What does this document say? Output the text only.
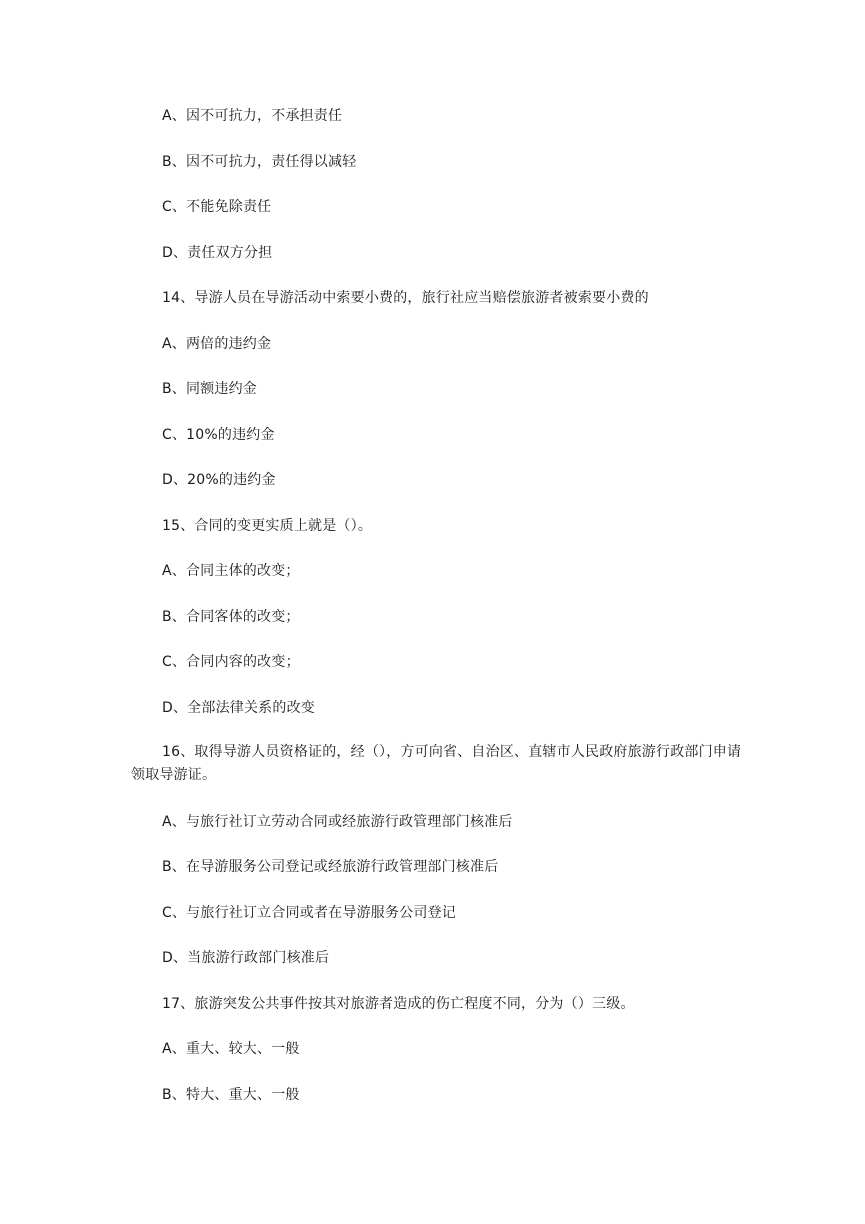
A、因不可抗力，不承担责任
B、因不可抗力，责任得以减轻
C、不能免除责任
D、责任双方分担
14、导游人员在导游活动中索要小费的，旅行社应当赔偿旅游者被索要小费的
A、两倍的违约金
B、同额违约金
C、10%的违约金
D、20%的违约金
15、合同的变更实质上就是（）。
A、合同主体的改变；
B、合同客体的改变；
C、合同内容的改变；
D、全部法律关系的改变
16、取得导游人员资格证的，经（），方可向省、自治区、直辖市人民政府旅游行政部门申请领取导游证。
A、与旅行社订立劳动合同或经旅游行政管理部门核准后
B、在导游服务公司登记或经旅游行政管理部门核准后
C、与旅行社订立合同或者在导游服务公司登记
D、当旅游行政部门核准后
17、旅游突发公共事件按其对旅游者造成的伤亡程度不同，分为（）三级。
A、重大、较大、一般
B、特大、重大、一般
